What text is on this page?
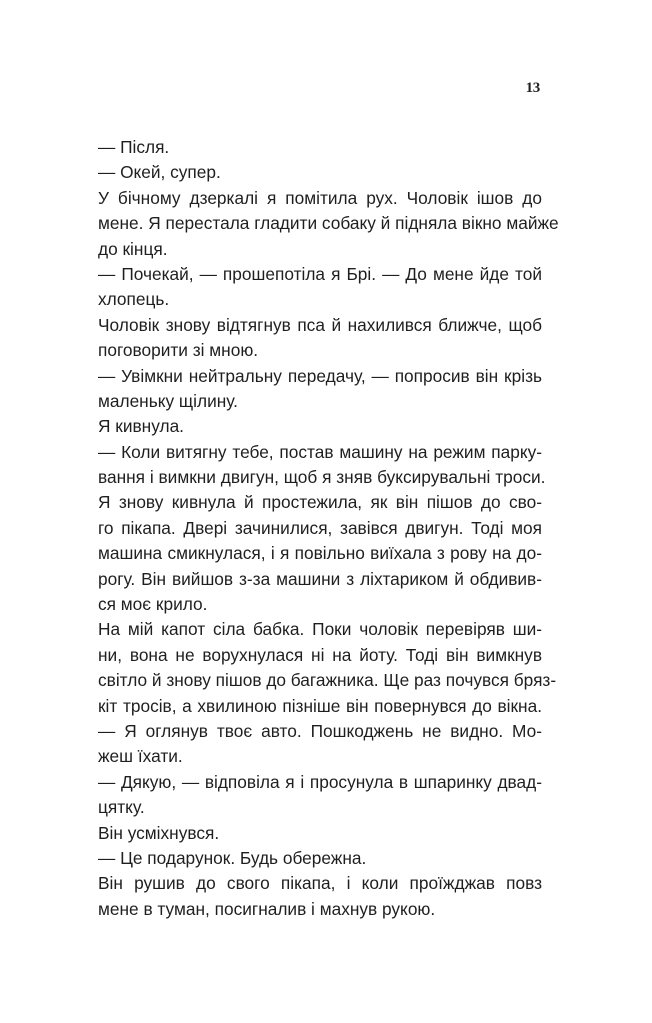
13
— Після.
— Окей, супер.
У бічному дзеркалі я помітила рух. Чоловік ішов до
мене. Я перестала гладити собаку й підняла вікно майже
до кінця.
— Почекай, — прошепотіла я Брі. — До мене йде той
хлопець.
Чоловік знову відтягнув пса й нахилився ближче, щоб
поговорити зі мною.
— Увімкни нейтральну передачу, — попросив він крізь
маленьку щілину.
Я кивнула.
— Коли витягну тебе, постав машину на режим парку-
вання і вимкни двигун, щоб я зняв буксирувальні троси.
Я знову кивнула й простежила, як він пішов до сво-
го пікапа. Двері зачинилися, завівся двигун. Тоді моя
машина смикнулася, і я повільно виїхала з рову на до-
рогу. Він вийшов з-за машини з ліхтариком й обдивив-
ся моє крило.
На мій капот сіла бабка. Поки чоловік перевіряв ши-
ни, вона не ворухнулася ні на йоту. Тоді він вимкнув
світло й знову пішов до багажника. Ще раз почувся бряз-
кіт тросів, а хвилиною пізніше він повернувся до вікна.
— Я оглянув твоє авто. Пошкоджень не видно. Мо-
жеш їхати.
— Дякую, — відповіла я і просунула в шпаринку двад-
цятку.
Він усміхнувся.
— Це подарунок. Будь обережна.
Він рушив до свого пікапа, і коли проїжджав повз
мене в туман, посигналив і махнув рукою.
